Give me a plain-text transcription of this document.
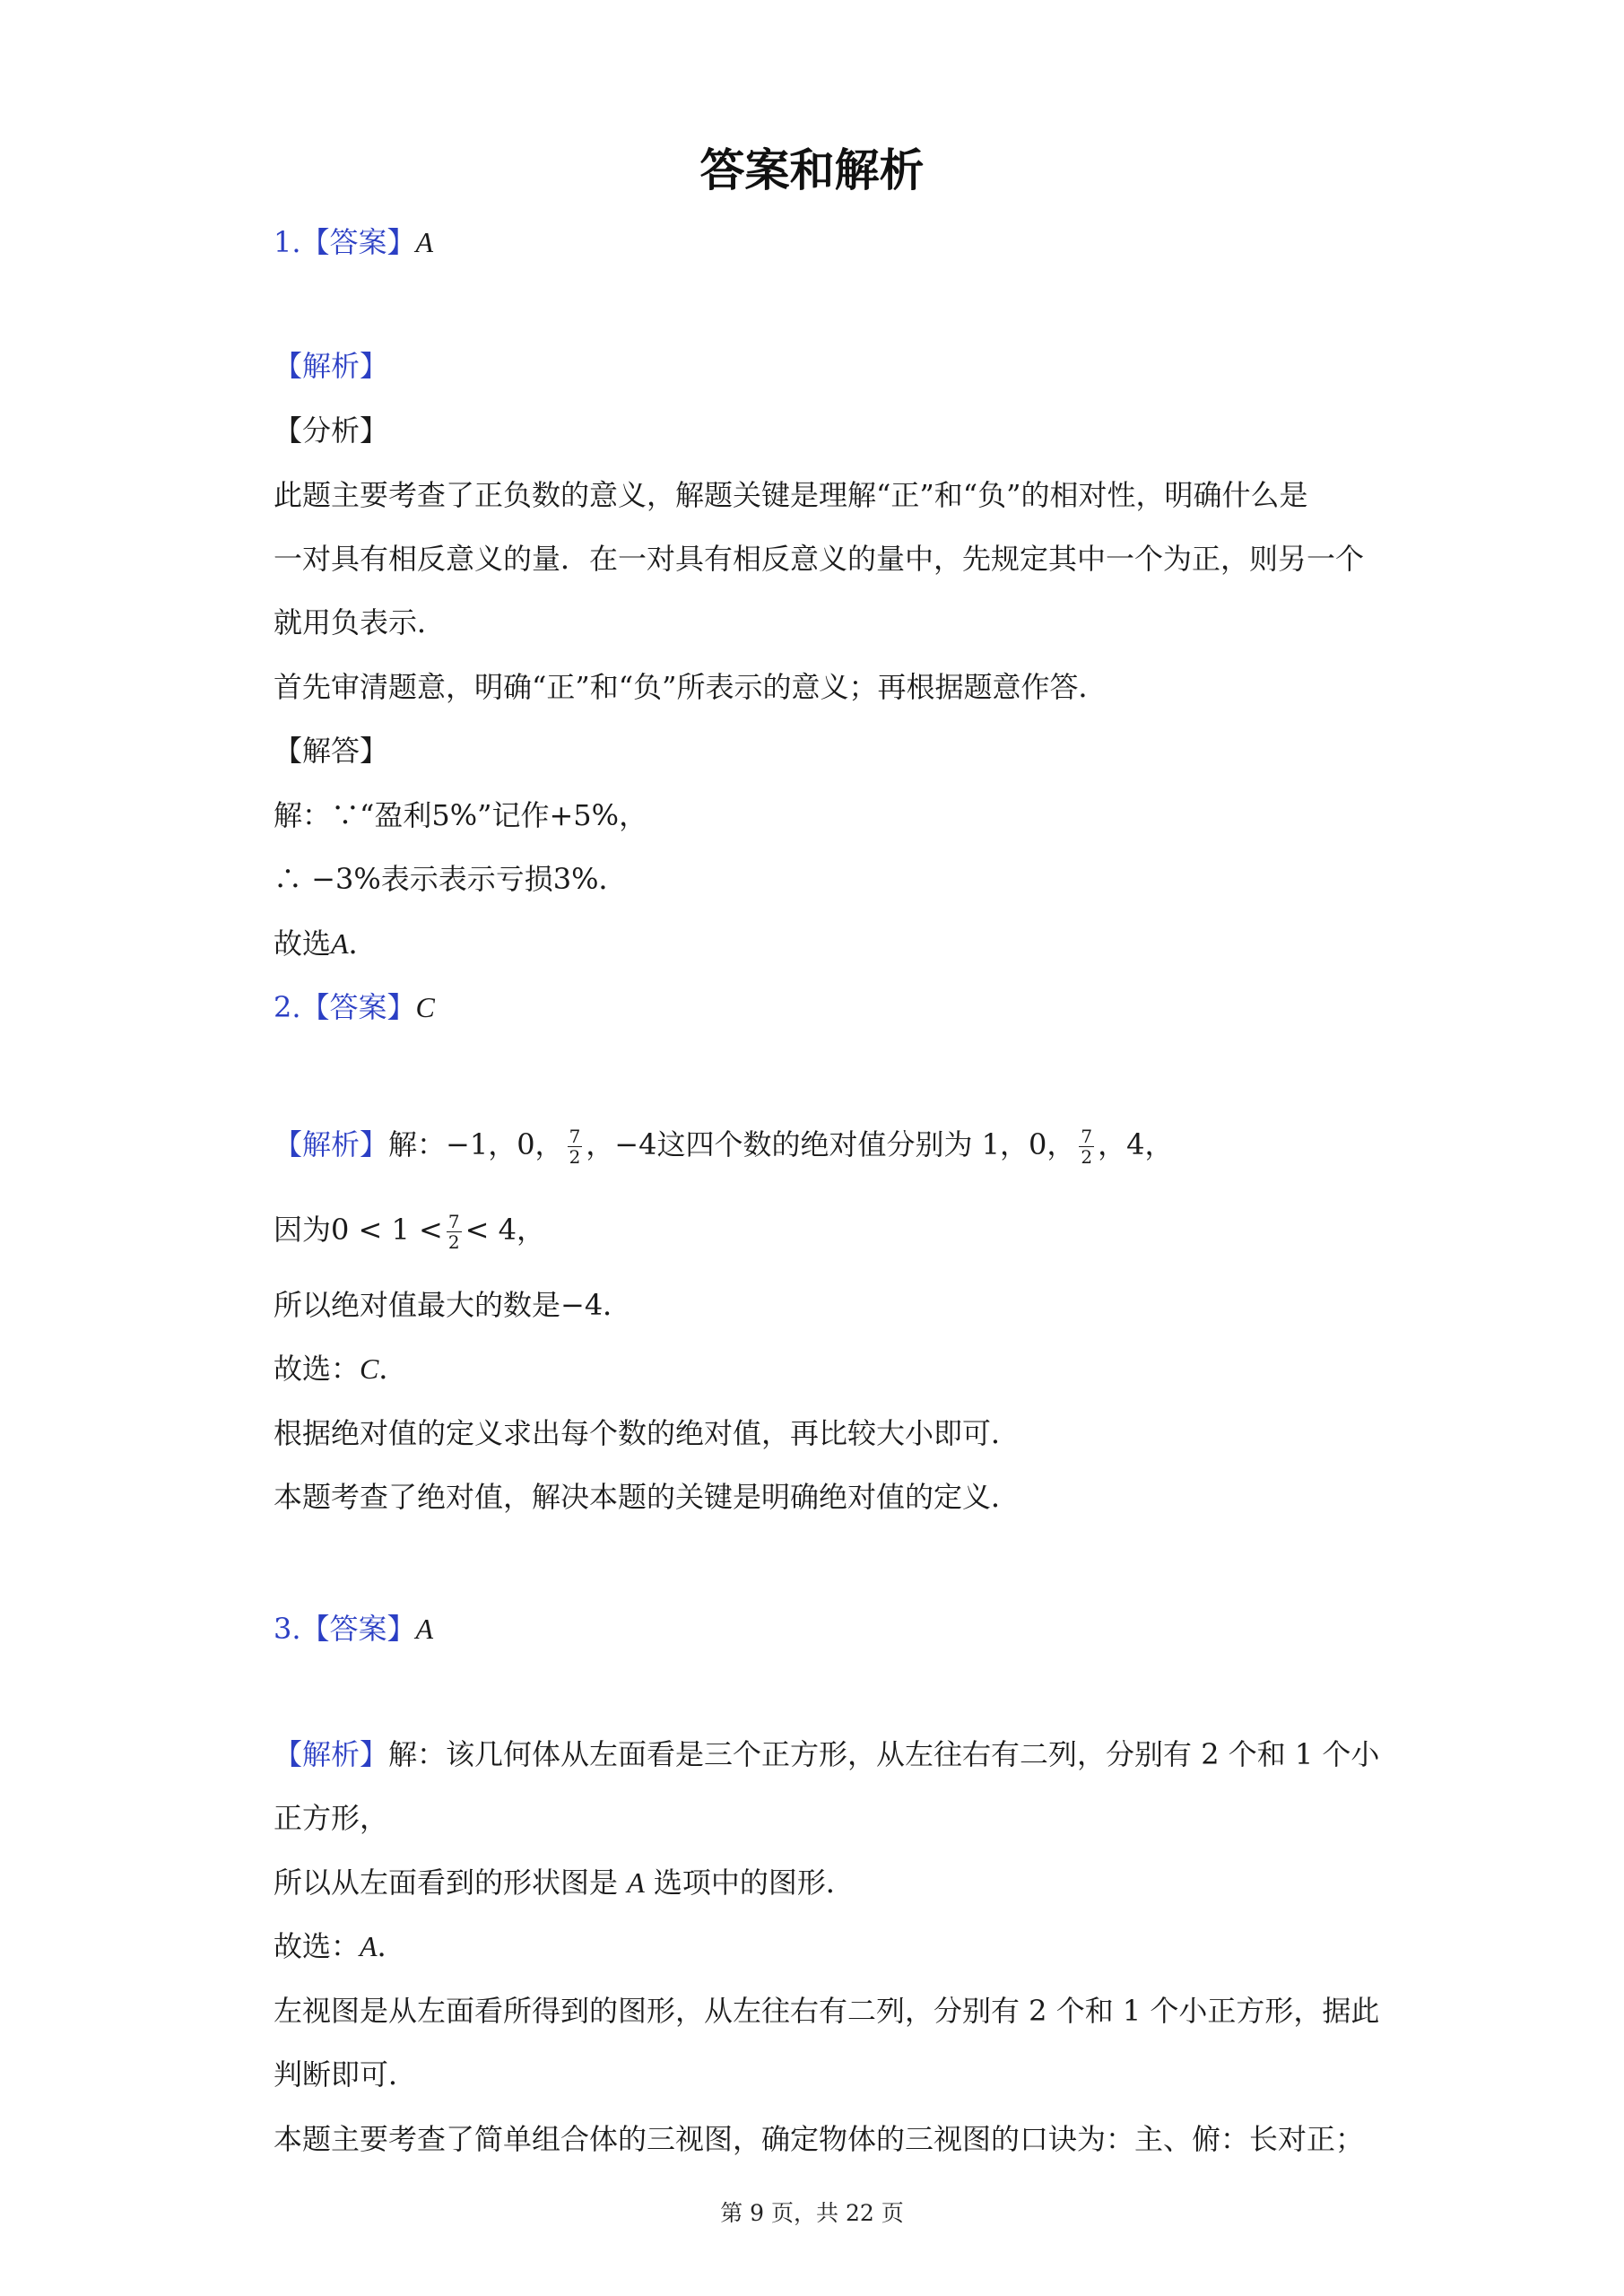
答案和解析
1.【答案】A
【解析】
【分析】
此题主要考查了正负数的意义，解题关键是理解“正”和“负”的相对性，明确什么是
一对具有相反意义的量．在一对具有相反意义的量中，先规定其中一个为正，则另一个
就用负表示．
首先审清题意，明确“正”和“负”所表示的意义；再根据题意作答．
【解答】
解：∵“盈利5%”记作+5%，
∴ −3%表示表示亏损3%．
故选A．
2.【答案】C
【解析】解：−1，0， $\frac{7}{2}$ ，−4这四个数的绝对值分别为 1，0， $\frac{7}{2}$ ，4，
因为$0 < 1 < \frac{7}{2} < 4$，
所以绝对值最大的数是−4．
故选：C．
根据绝对值的定义求出每个数的绝对值，再比较大小即可．
本题考查了绝对值，解决本题的关键是明确绝对值的定义．
3.【答案】A
【解析】解：该几何体从左面看是三个正方形，从左往右有二列，分别有 2 个和 1 个小
正方形，
所以从左面看到的形状图是 A 选项中的图形．
故选：A．
左视图是从左面看所得到的图形，从左往右有二列，分别有 2 个和 1 个小正方形，据此
判断即可．
本题主要考查了简单组合体的三视图，确定物体的三视图的口诀为：主、俯：长对正；
第 9 页，共 22 页
